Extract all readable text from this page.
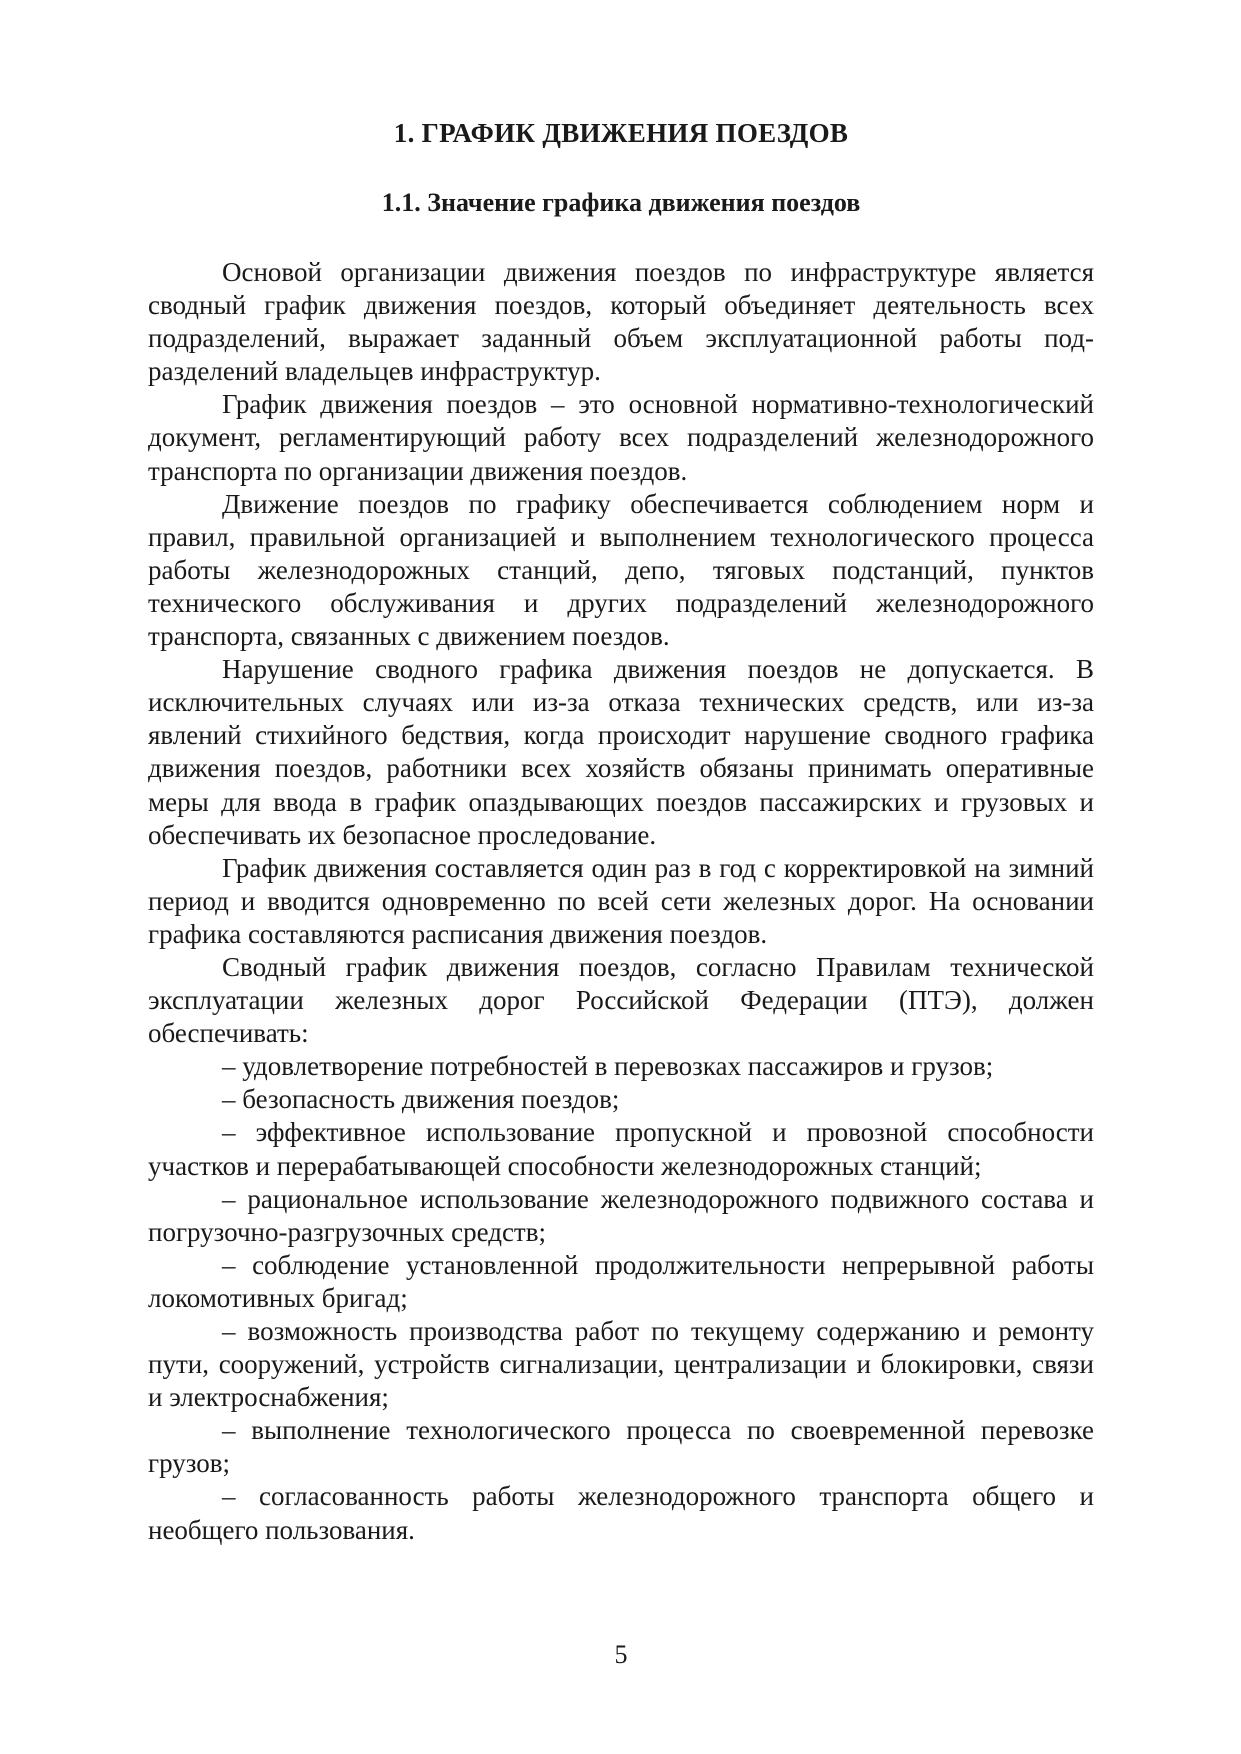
1. ГРАФИК ДВИЖЕНИЯ ПОЕЗДОВ
1.1. Значение графика движения поездов

Основой организации движения поездов по инфраструктуре является сводный график движения поездов, который объединяет деятельность всех подразделений, выражает заданный объем эксплуатационной работы подразделений владельцев инфраструктур.

График движения поездов – это основной нормативно-технологический документ, регламентирующий работу всех подразделений железнодорожного транспорта по организации движения поездов.

Движение поездов по графику обеспечивается соблюдением норм и правил, правильной организацией и выполнением технологического процесса работы железнодорожных станций, депо, тяговых подстанций, пунктов технического обслуживания и других подразделений железнодорожного транспорта, связанных с движением поездов.

Нарушение сводного графика движения поездов не допускается. В исключительных случаях или из-за отказа технических средств, или из-за явлений стихийного бедствия, когда происходит нарушение сводного графика движения поездов, работники всех хозяйств обязаны принимать оперативные меры для ввода в график опаздывающих поездов пассажирских и грузовых и обеспечивать их безопасное проследование.

График движения составляется один раз в год с корректировкой на зимний период и вводится одновременно по всей сети железных дорог. На основании графика составляются расписания движения поездов.

Сводный график движения поездов, согласно Правилам технической эксплуатации железных дорог Российской Федерации (ПТЭ), должен обеспечивать:

– удовлетворение потребностей в перевозках пассажиров и грузов;

– безопасность движения поездов;

– эффективное использование пропускной и провозной способности участков и перерабатывающей способности железнодорожных станций;

– рациональное использование железнодорожного подвижного состава и погрузочно-разгрузочных средств;

– соблюдение установленной продолжительности непрерывной работы локомотивных бригад;

– возможность производства работ по текущему содержанию и ремонту пути, сооружений, устройств сигнализации, централизации и блокировки, связи и электроснабжения;

– выполнение технологического процесса по своевременной перевозке грузов;

– согласованность работы железнодорожного транспорта общего и необщего пользования.

5
